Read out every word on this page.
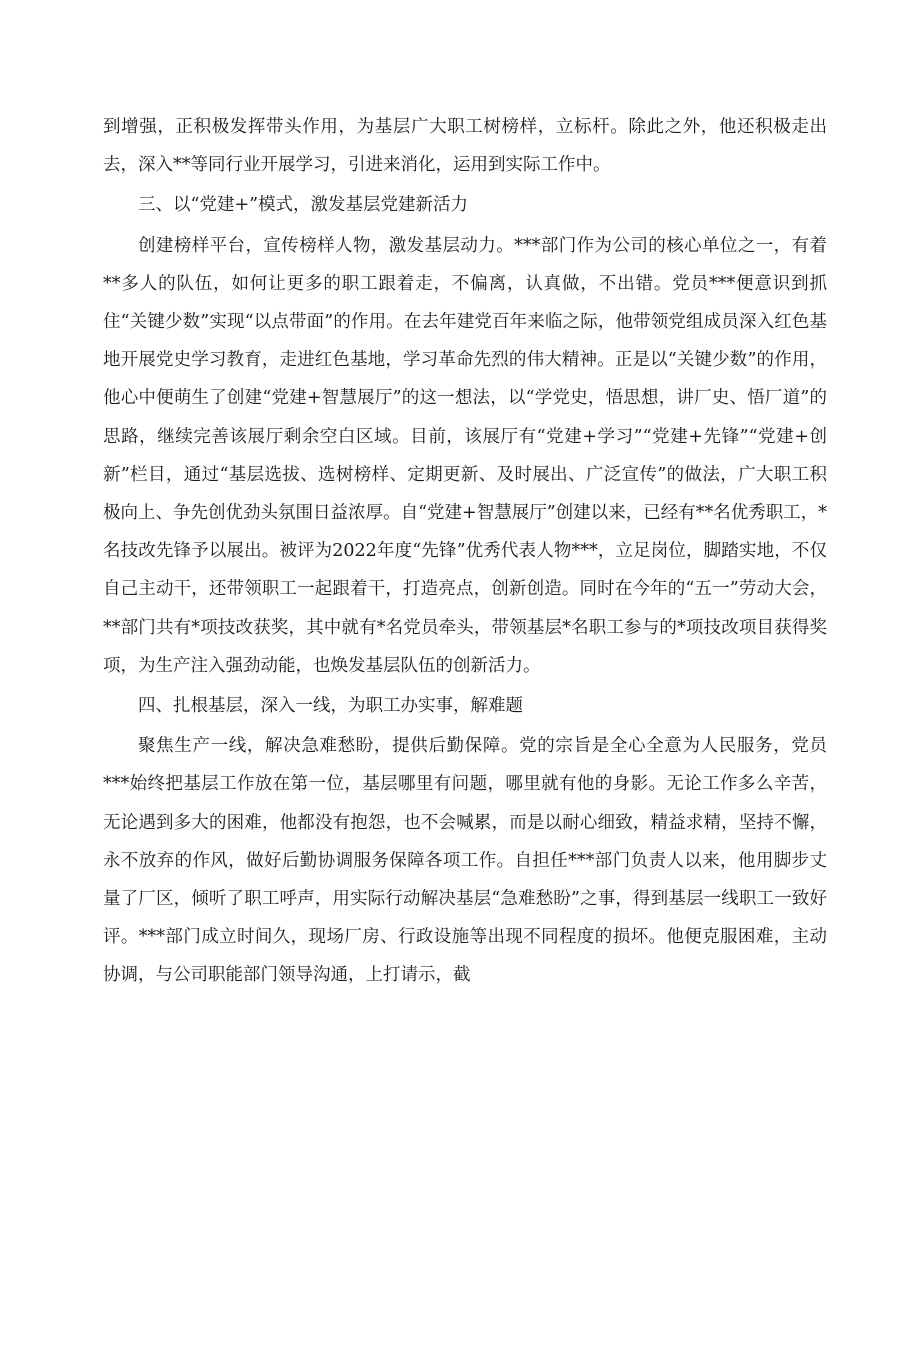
到增强，正积极发挥带头作用，为基层广大职工树榜样，立标杆。除此之外，他还积极走出去，深入**等同行业开展学习，引进来消化，运用到实际工作中。

三、以“党建+”模式，激发基层党建新活力

创建榜样平台，宣传榜样人物，激发基层动力。***部门作为公司的核心单位之一，有着**多人的队伍，如何让更多的职工跟着走，不偏离，认真做，不出错。党员***便意识到抓住“关键少数”实现“以点带面”的作用。在去年建党百年来临之际，他带领党组成员深入红色基地开展党史学习教育，走进红色基地，学习革命先烈的伟大精神。正是以“关键少数”的作用，他心中便萌生了创建“党建+智慧展厅”的这一想法，以“学党史，悟思想，讲厂史、悟厂道”的思路，继续完善该展厅剩余空白区域。目前，该展厅有“党建+学习”“党建+先锋”“党建+创新”栏目，通过“基层选拔、选树榜样、定期更新、及时展出、广泛宣传”的做法，广大职工积极向上、争先创优劲头氛围日益浓厚。自“党建+智慧展厅”创建以来，已经有**名优秀职工，*名技改先锋予以展出。被评为2022年度“先锋”优秀代表人物***，立足岗位，脚踏实地，不仅自己主动干，还带领职工一起跟着干，打造亮点，创新创造。同时在今年的“五一”劳动大会，**部门共有*项技改获奖，其中就有*名党员牵头，带领基层*名职工参与的*项技改项目获得奖项，为生产注入强劲动能，也焕发基层队伍的创新活力。

四、扎根基层，深入一线，为职工办实事，解难题

聚焦生产一线，解决急难愁盼，提供后勤保障。党的宗旨是全心全意为人民服务，党员***始终把基层工作放在第一位，基层哪里有问题，哪里就有他的身影。无论工作多么辛苦，无论遇到多大的困难，他都没有抱怨，也不会喊累，而是以耐心细致，精益求精，坚持不懈，永不放弃的作风，做好后勤协调服务保障各项工作。自担任***部门负责人以来，他用脚步丈量了厂区，倾听了职工呼声，用实际行动解决基层“急难愁盼”之事，得到基层一线职工一致好评。***部门成立时间久，现场厂房、行政设施等出现不同程度的损坏。他便克服困难，主动协调，与公司职能部门领导沟通，上打请示，截
